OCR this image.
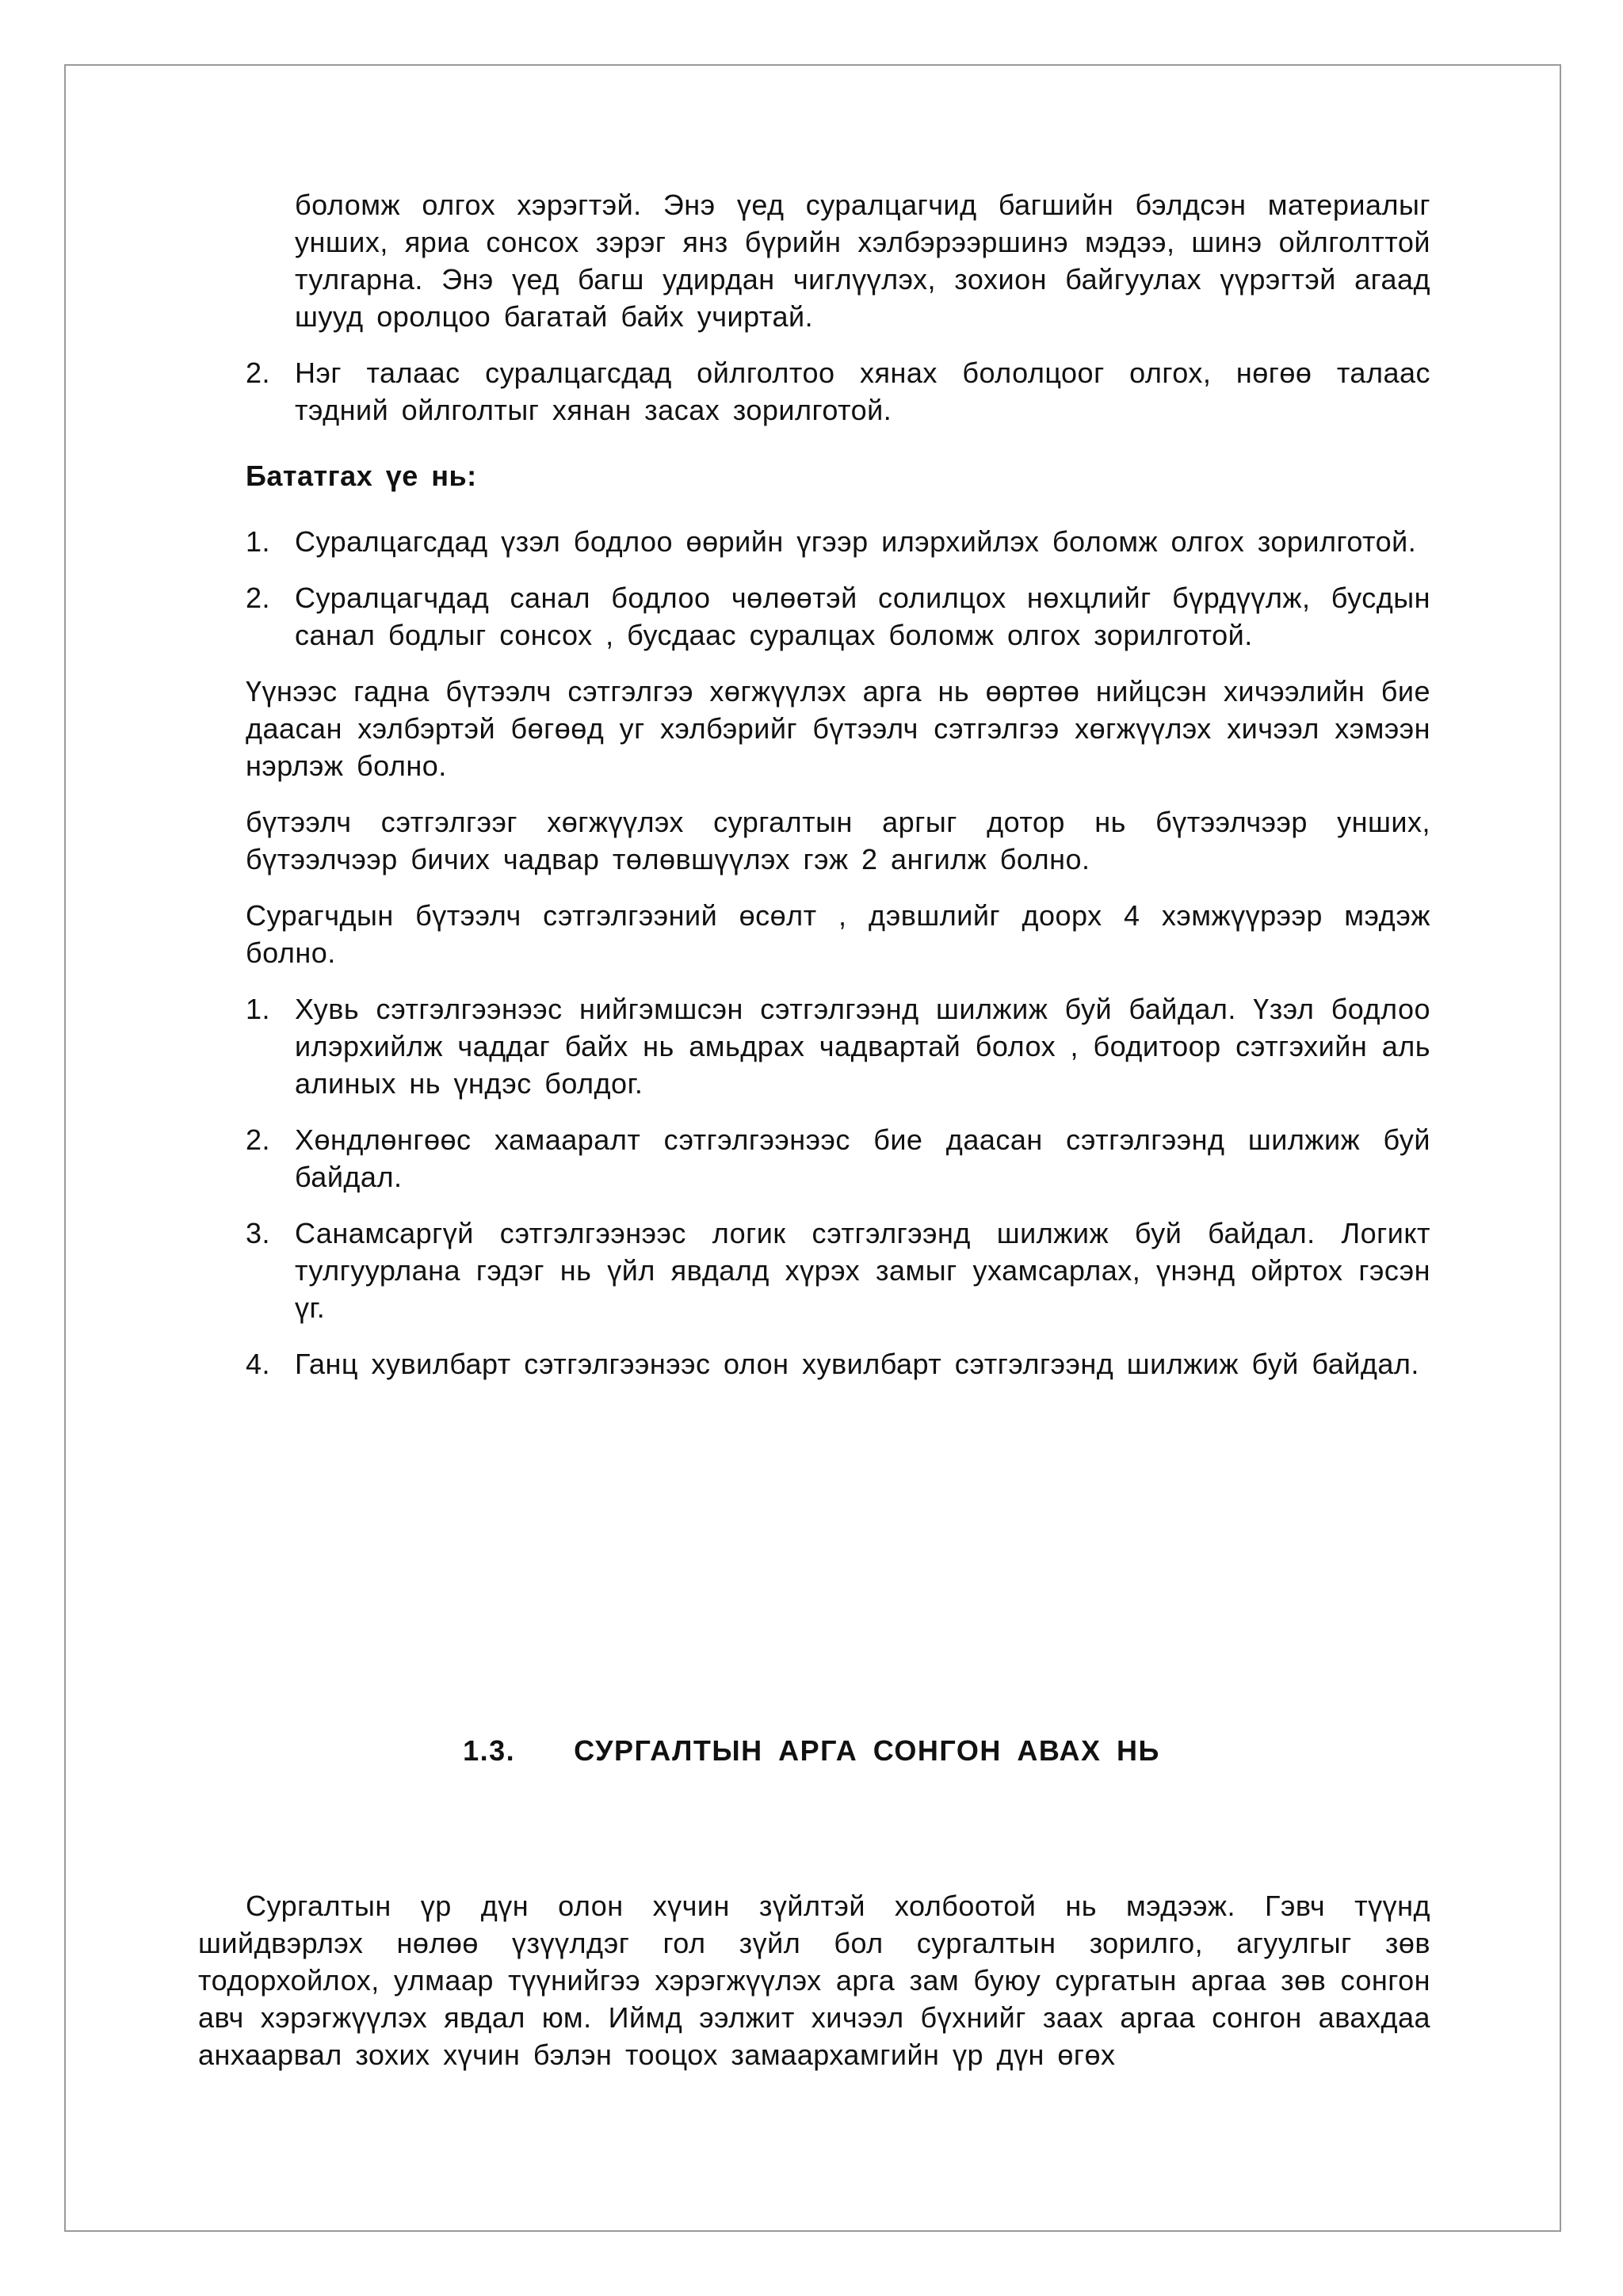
боломж олгох хэрэгтэй. Энэ үед суралцагчид багшийн бэлдсэн материалыг унших, яриа сонсох зэрэг янз бүрийн хэлбэрээршинэ мэдээ, шинэ ойлголттой тулгарна. Энэ үед багш удирдан чиглүүлэх, зохион байгуулах үүрэгтэй агаад шууд оролцоо багатай байх учиртай.

2. Нэг талаас суралцагсдад ойлголтоо хянах бололцоог олгох, нөгөө талаас тэдний ойлголтыг хянан засах зорилготой.

Бататгах үе нь:

1. Суралцагсдад үзэл бодлоо өөрийн үгээр илэрхийлэх боломж олгох зорилготой.
2. Суралцагчдад санал бодлоо чөлөөтэй солилцох нөхцлийг бүрдүүлж, бусдын санал бодлыг сонсох , бусдаас суралцах боломж олгох зорилготой.

Үүнээс гадна бүтээлч сэтгэлгээ хөгжүүлэх арга нь өөртөө нийцсэн хичээлийн бие даасан хэлбэртэй бөгөөд уг хэлбэрийг бүтээлч сэтгэлгээ хөгжүүлэх хичээл хэмээн нэрлэж болно.

бүтээлч сэтгэлгээг хөгжүүлэх сургалтын аргыг дотор нь бүтээлчээр унших, бүтээлчээр бичих чадвар төлөвшүүлэх гэж 2 ангилж болно.

Сурагчдын бүтээлч сэтгэлгээний өсөлт , дэвшлийг доорх 4 хэмжүүрээр мэдэж болно.

1. Хувь сэтгэлгээнээс нийгэмшсэн сэтгэлгээнд шилжиж буй байдал. Үзэл бодлоо илэрхийлж чаддаг байх нь амьдрах чадвартай болох , бодитоор сэтгэхийн аль алиных нь үндэс болдог.
2. Хөндлөнгөөс хамааралт сэтгэлгээнээс бие даасан сэтгэлгээнд шилжиж буй байдал.
3. Санамсаргүй сэтгэлгээнээс логик сэтгэлгээнд шилжиж буй байдал. Логикт тулгуурлана гэдэг нь үйл явдалд хүрэх замыг ухамсарлах, үнэнд ойртох гэсэн үг.
4. Ганц хувилбарт сэтгэлгээнээс олон хувилбарт сэтгэлгээнд шилжиж буй байдал.
1.3. СУРГАЛТЫН АРГА СОНГОН АВАХ НЬ

Сургалтын үр дүн олон хүчин зүйлтэй холбоотой нь мэдээж. Гэвч түүнд шийдвэрлэх нөлөө үзүүлдэг гол зүйл бол сургалтын зорилго, агуулгыг зөв тодорхойлох, улмаар түүнийгээ хэрэгжүүлэх арга зам буюу сургатын аргаа зөв сонгон авч хэрэгжүүлэх явдал юм. Иймд ээлжит хичээл бүхнийг заах аргаа сонгон авахдаа анхаарвал зохих хүчин бэлэн тооцох замаархамгийн үр дүн өгөх
